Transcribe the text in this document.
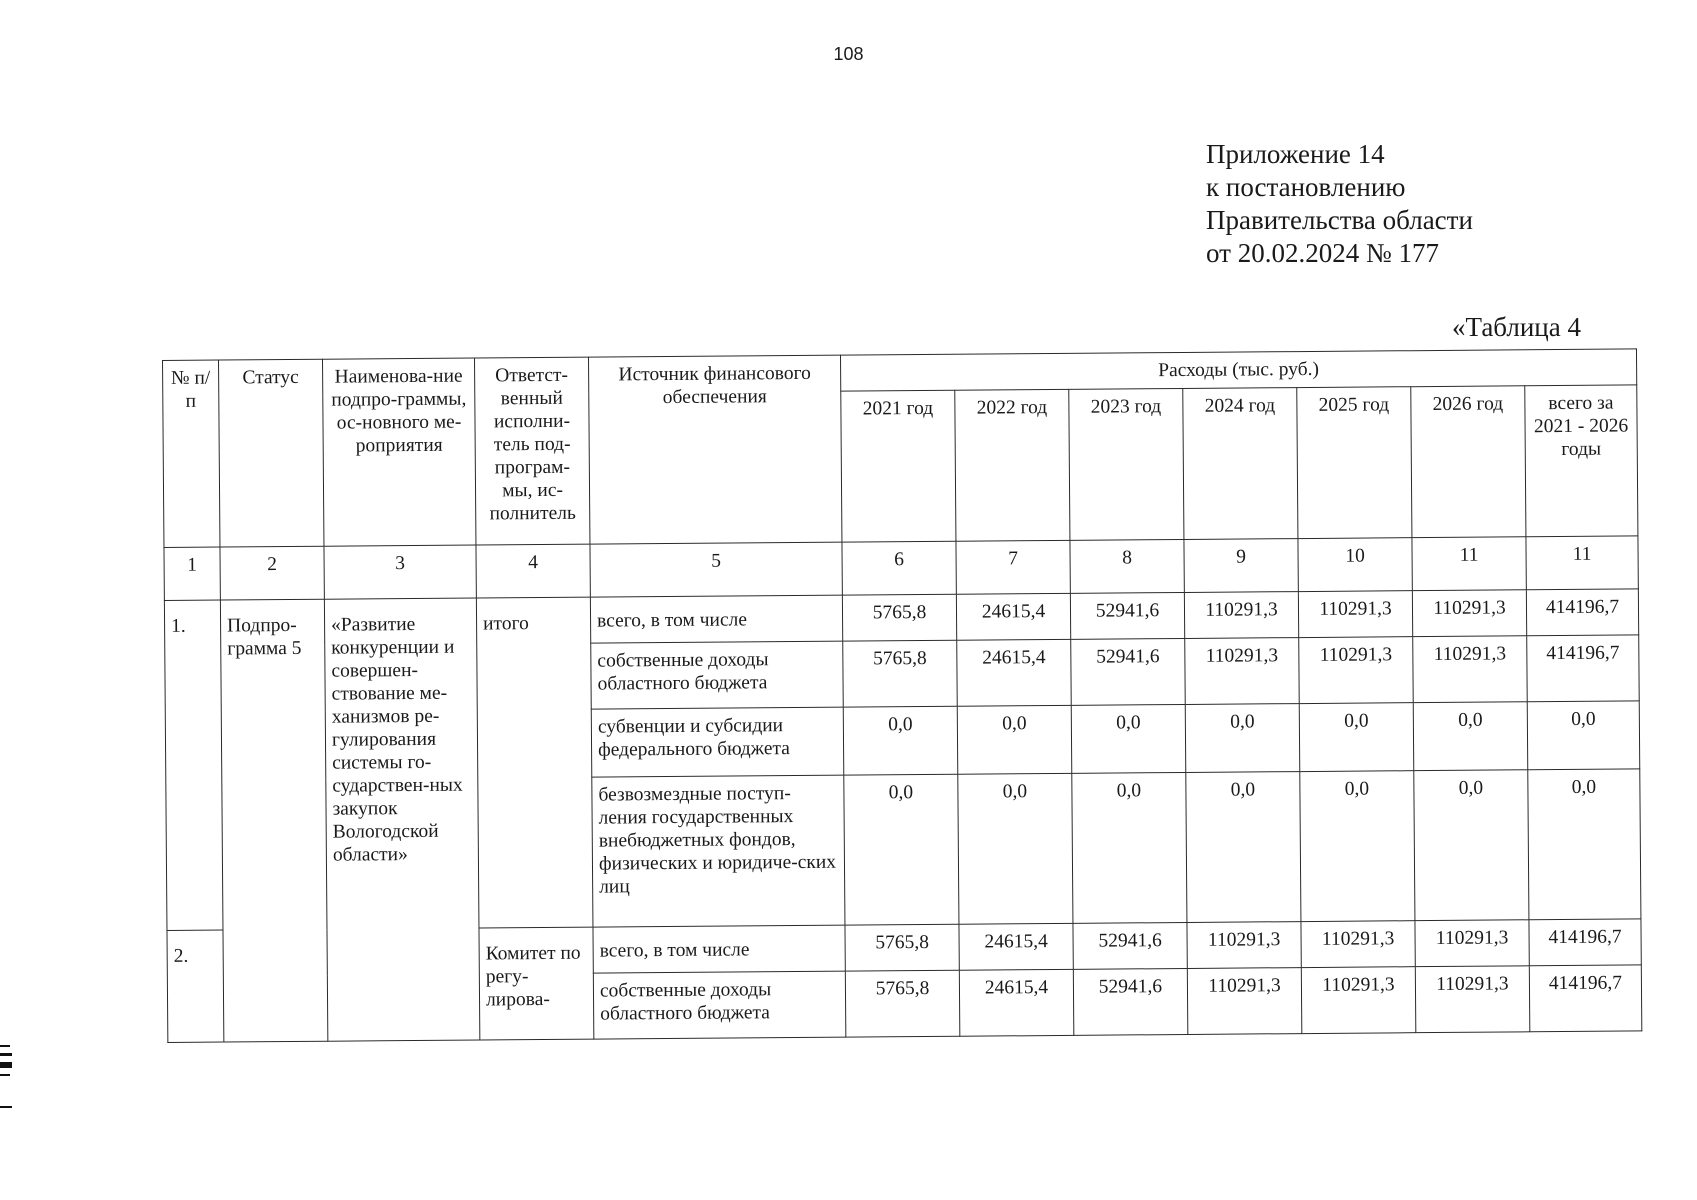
108
Приложение 14
к постановлению
Правительства области
от 20.02.2024 № 177
«Таблица 4
№ п/п	Статус	Наименова-ние подпро-граммы, ос-новного ме-роприятия	Ответст-венный исполни-тель под-програм-мы, ис-полнитель	Источник финансового обеспечения	Расходы (тыс. руб.)						
					2021 год	2022 год	2023 год	2024 год	2025 год	2026 год	всего за 2021 - 2026 годы
1	2	3	4	5	6	7	8	9	10	11	11
1.	Подпро-грамма 5	«Развитие конкуренции и совершен-ствование ме-ханизмов ре-гулирования системы го-сударствен-ных закупок Вологодской области»	итого	всего, в том числе	5765,8	24615,4	52941,6	110291,3	110291,3	110291,3	414196,7
				собственные доходы областного бюджета	5765,8	24615,4	52941,6	110291,3	110291,3	110291,3	414196,7
				субвенции и субсидии федерального бюджета	0,0	0,0	0,0	0,0	0,0	0,0	0,0
				безвозмездные поступ-ления государственных внебюджетных фондов, физических и юридиче-ских лиц	0,0	0,0	0,0	0,0	0,0	0,0	0,0
2.			Комитет по регу-лирова-	всего, в том числе	5765,8	24615,4	52941,6	110291,3	110291,3	110291,3	414196,7
				собственные доходы областного бюджета	5765,8	24615,4	52941,6	110291,3	110291,3	110291,3	414196,7
